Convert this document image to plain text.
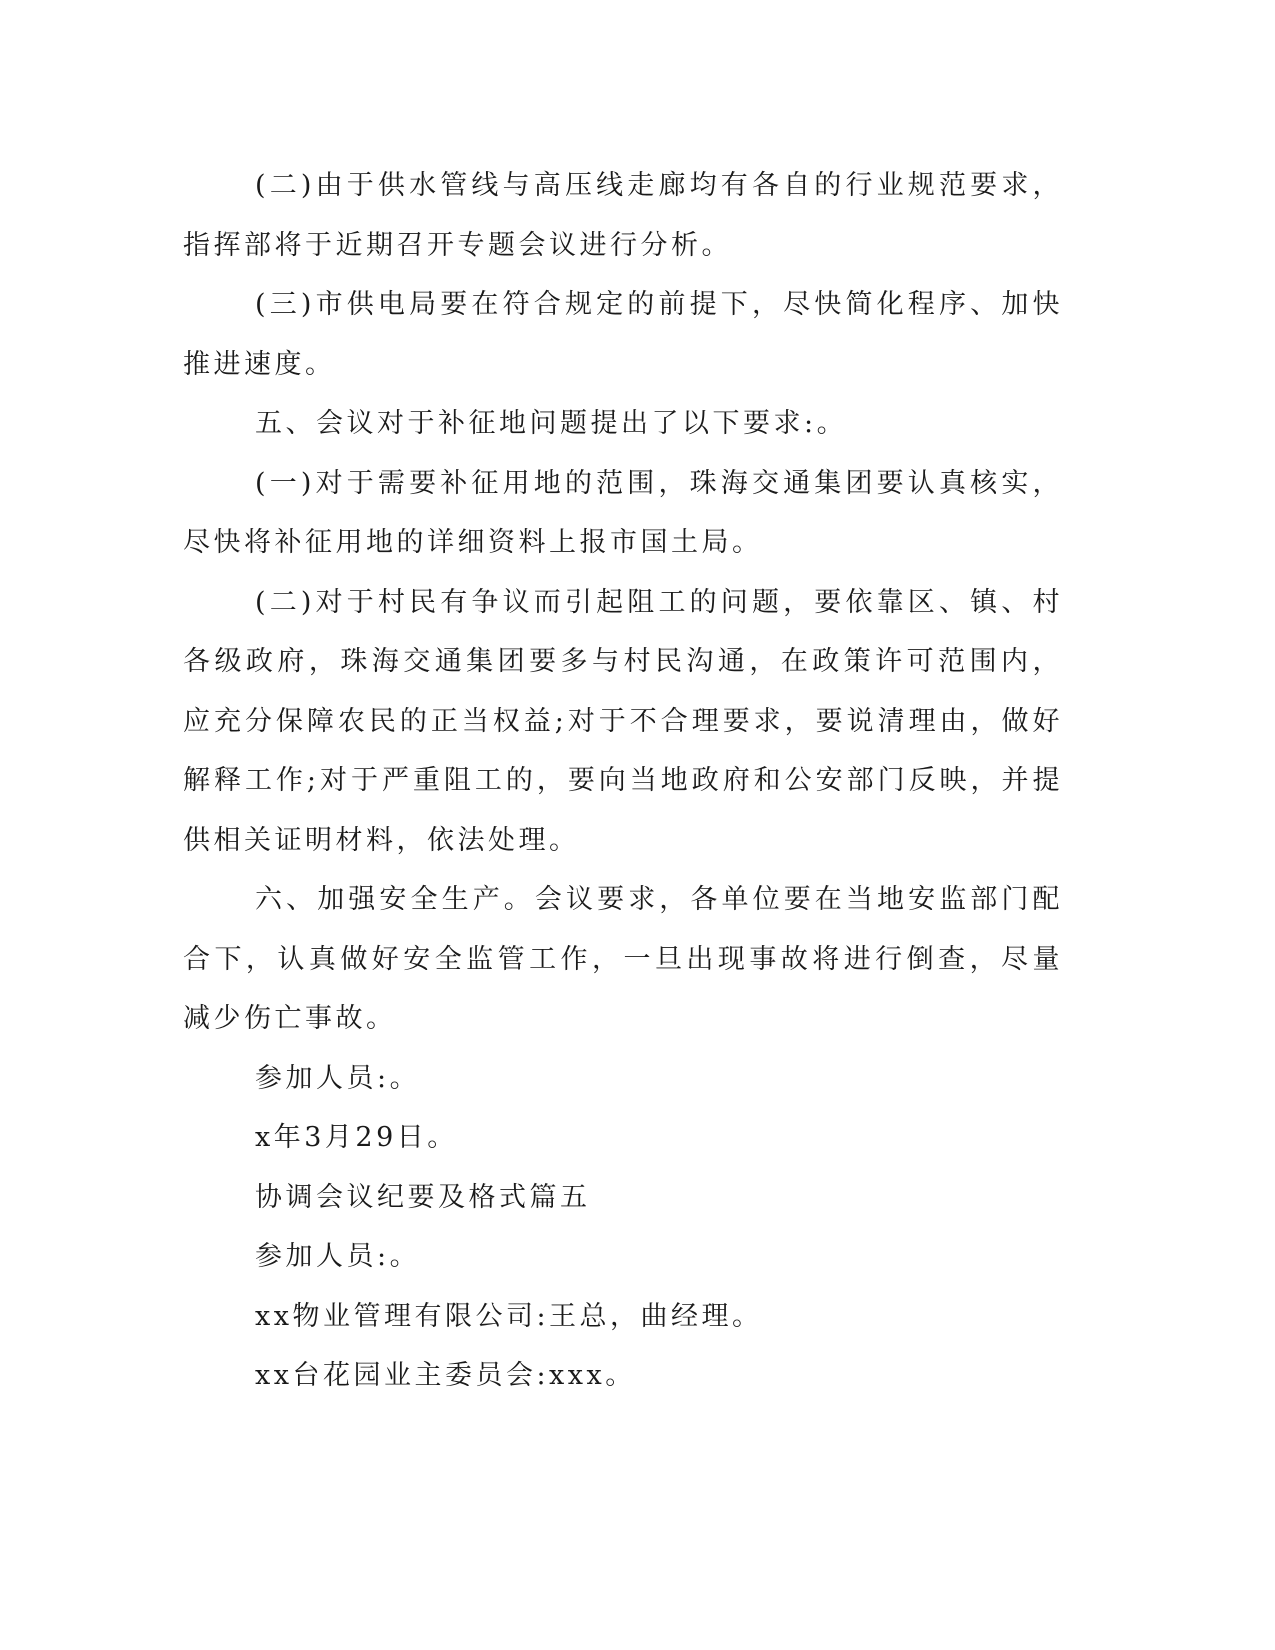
(二)由于供水管线与高压线走廊均有各自的行业规范要求，指挥部将于近期召开专题会议进行分析。

(三)市供电局要在符合规定的前提下，尽快简化程序、加快推进速度。

五、会议对于补征地问题提出了以下要求:。

(一)对于需要补征用地的范围，珠海交通集团要认真核实，尽快将补征用地的详细资料上报市国土局。

(二)对于村民有争议而引起阻工的问题，要依靠区、镇、村各级政府，珠海交通集团要多与村民沟通，在政策许可范围内，应充分保障农民的正当权益;对于不合理要求，要说清理由，做好解释工作;对于严重阻工的，要向当地政府和公安部门反映，并提供相关证明材料，依法处理。

六、加强安全生产。会议要求，各单位要在当地安监部门配合下，认真做好安全监管工作，一旦出现事故将进行倒查，尽量减少伤亡事故。

参加人员:。

x年3月29日。

协调会议纪要及格式篇五

参加人员:。

xx物业管理有限公司:王总，曲经理。

xx台花园业主委员会:xxx。
